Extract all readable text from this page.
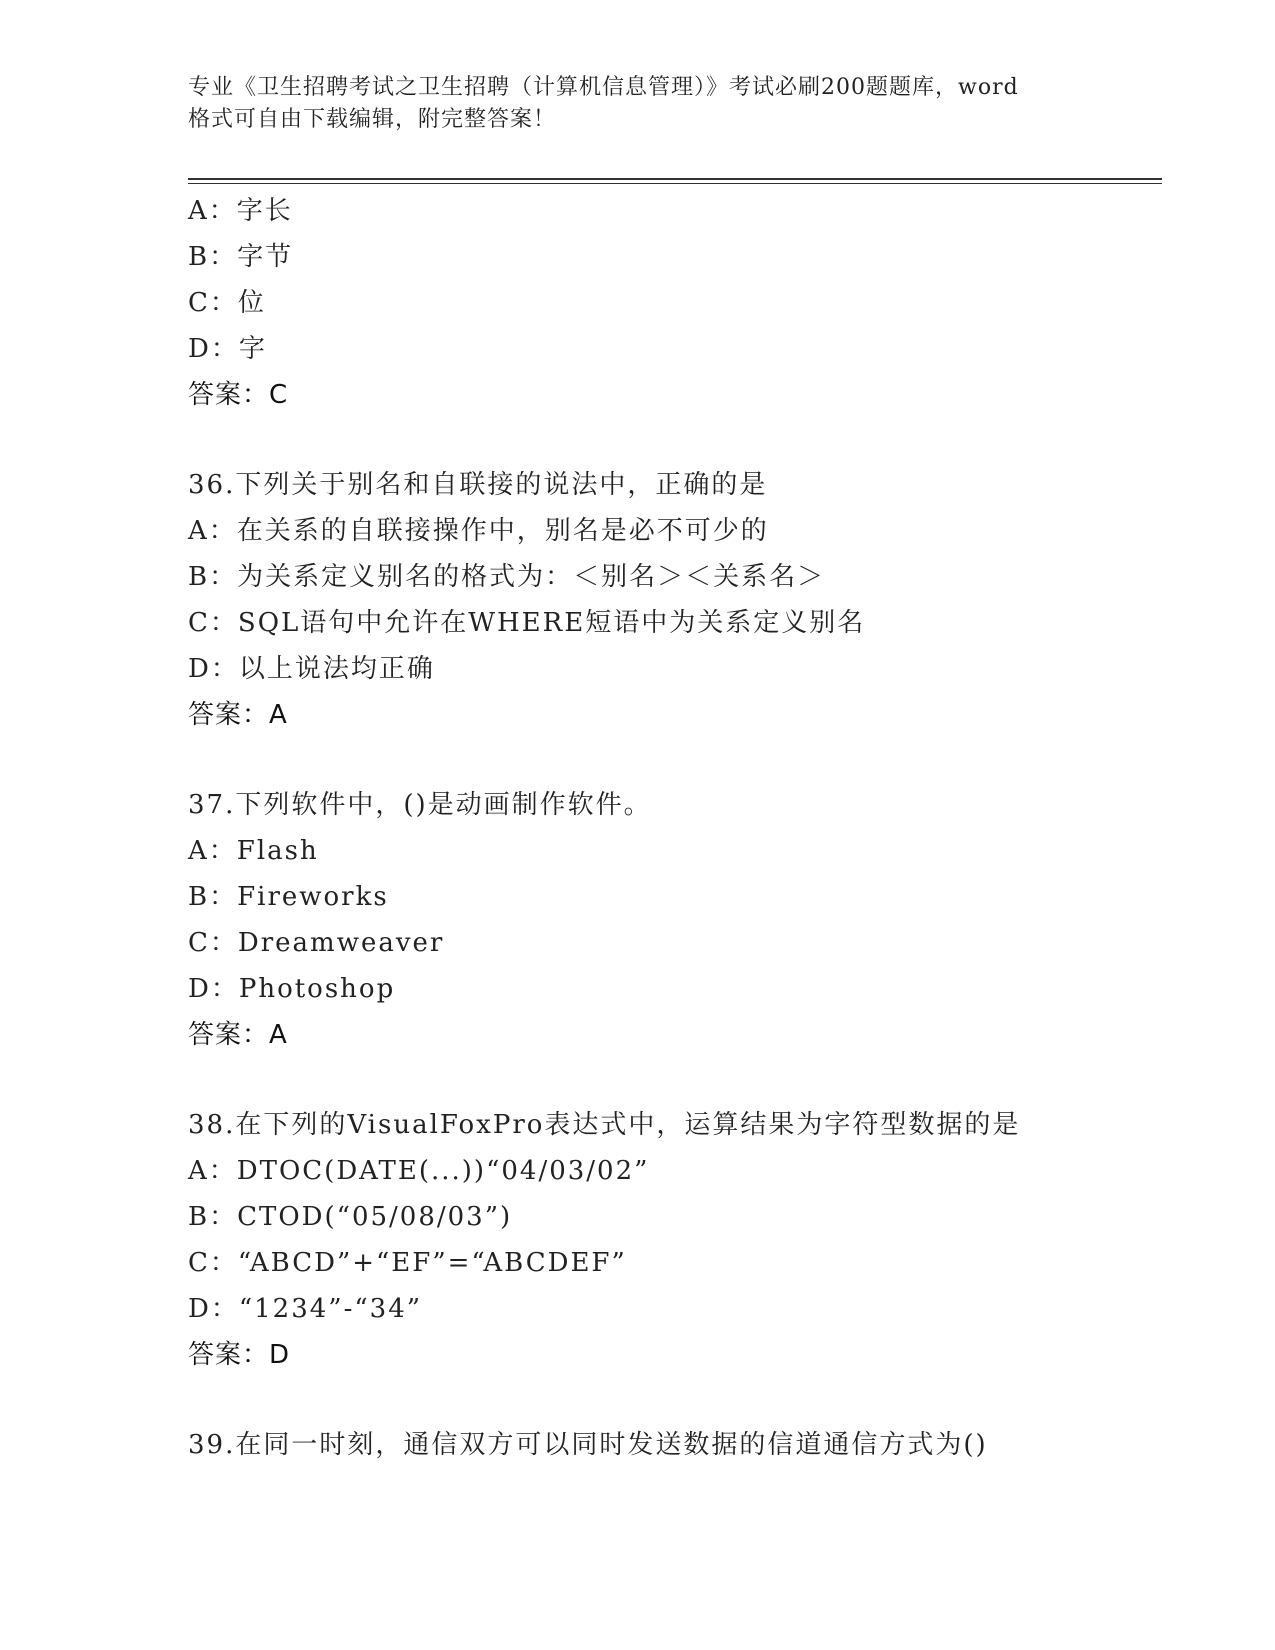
专业《卫生招聘考试之卫生招聘（计算机信息管理）》考试必刷200题题库，word
格式可自由下载编辑，附完整答案！
A：字长
B：字节
C：位
D：字
答案：C
36.下列关于别名和自联接的说法中，正确的是
A：在关系的自联接操作中，别名是必不可少的
B：为关系定义别名的格式为：＜别名＞＜关系名＞
C：SQL语句中允许在WHERE短语中为关系定义别名
D：以上说法均正确
答案：A
37.下列软件中，()是动画制作软件。
A：Flash
B：Fireworks
C：Dreamweaver
D：Photoshop
答案：A
38.在下列的VisualFoxPro表达式中，运算结果为字符型数据的是
A：DTOC(DATE(...))“04/03/02”
B：CTOD(“05/08/03”)
C：“ABCD”+“EF”=“ABCDEF”
D：“1234”-“34”
答案：D
39.在同一时刻，通信双方可以同时发送数据的信道通信方式为()
